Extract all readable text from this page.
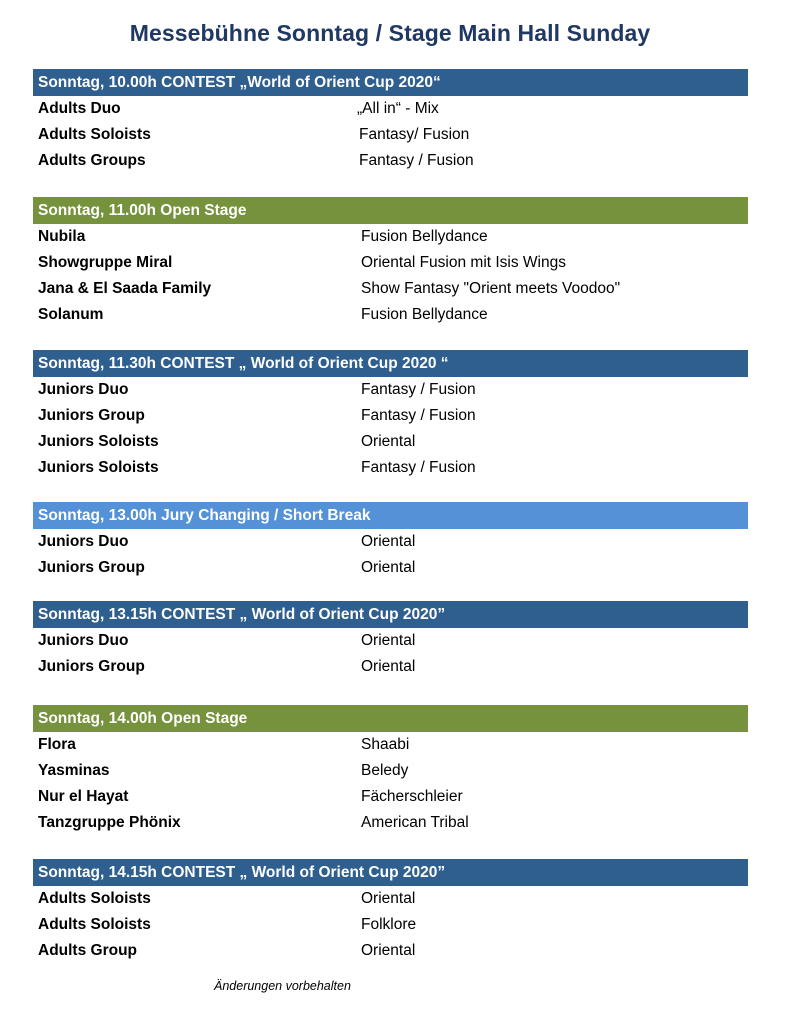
Messebühne Sonntag / Stage Main Hall Sunday
Sonntag, 10.00h CONTEST „World of Orient Cup 2020“
Adults Duo	„All in“ - Mix
Adults Soloists	Fantasy/ Fusion
Adults Groups	Fantasy / Fusion
Sonntag, 11.00h Open Stage
Nubila	Fusion Bellydance
Showgruppe Miral	Oriental Fusion mit Isis Wings
Jana & El Saada Family	Show Fantasy "Orient meets Voodoo"
Solanum	Fusion Bellydance
Sonntag, 11.30h CONTEST „ World of Orient Cup 2020 “
Juniors Duo	Fantasy / Fusion
Juniors Group	Fantasy / Fusion
Juniors Soloists	Oriental
Juniors Soloists	Fantasy / Fusion
Sonntag, 13.00h Jury Changing / Short Break
Juniors Duo	Oriental
Juniors Group	Oriental
Sonntag, 13.15h CONTEST „ World of Orient Cup 2020”
Juniors Duo	Oriental
Juniors Group	Oriental
Sonntag, 14.00h Open Stage
Flora	Shaabi
Yasminas	Beledy
Nur el Hayat	Fächerschleier
Tanzgruppe Phönix	American Tribal
Sonntag, 14.15h CONTEST „ World of Orient Cup 2020”
Adults Soloists	Oriental
Adults Soloists	Folklore
Adults Group	Oriental
Änderungen vorbehalten
